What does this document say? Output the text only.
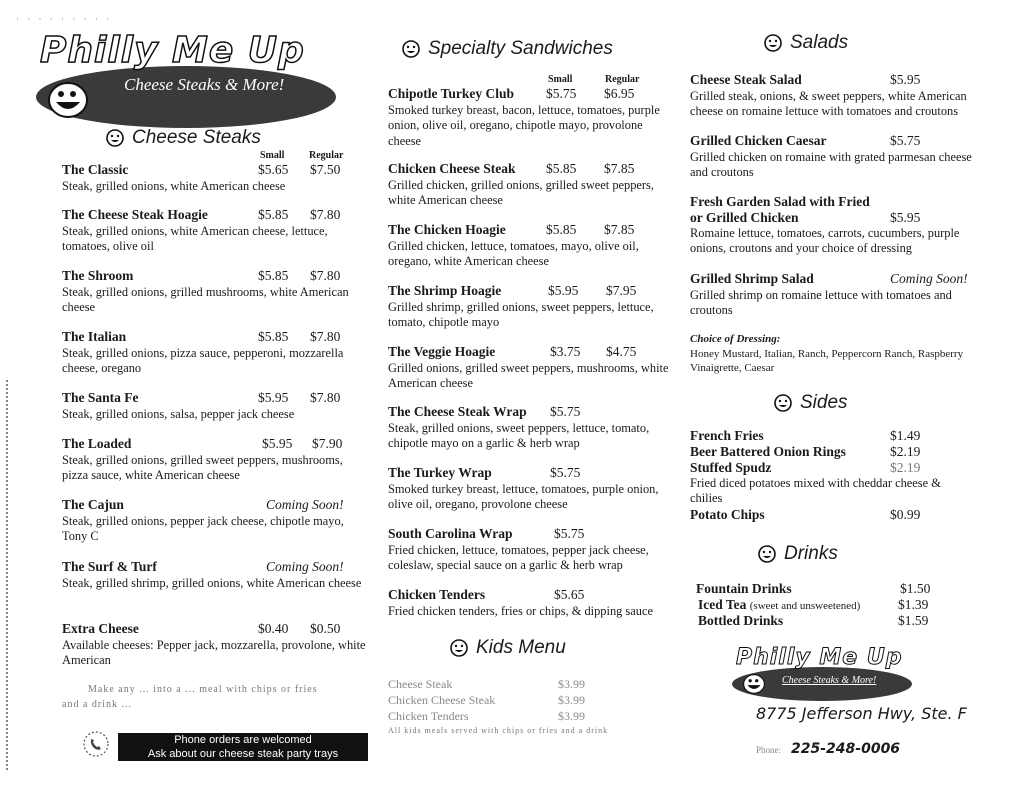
· · · · · · · · ·
Philly Me Up
Cheese Steaks & More!
Cheese Steaks
Small Regular
The Classic	$5.65 $7.50
Steak, grilled onions, white American cheese
The Cheese Steak Hoagie	$5.85 $7.80
Steak, grilled onions, white American cheese, lettuce, tomatoes, olive oil
The Shroom	$5.85 $7.80
Steak, grilled onions, grilled mushrooms, white American cheese
The Italian	$5.85 $7.80
Steak, grilled onions, pizza sauce, pepperoni, mozzarella cheese, oregano
The Santa Fe	$5.95 $7.80
Steak, grilled onions, salsa, pepper jack cheese
The Loaded	$5.95 $7.90
Steak, grilled onions, grilled sweet peppers, mushrooms, pizza sauce, white American cheese
The Cajun	Coming Soon!
Steak, grilled onions, pepper jack cheese, chipotle mayo, Tony C
The Surf & Turf	Coming Soon!
Steak, grilled shrimp, grilled onions, white American cheese
Extra Cheese	$0.40 $0.50
Available cheeses: Pepper jack, mozzarella, provolone, white American
Make any ... into a ... meal with chips or fries
and a drink ...
Phone orders are welcomed
Ask about our cheese steak party trays
Specialty Sandwiches
Small	Regular
Chipotle Turkey Club $5.75 $6.95
Smoked turkey breast, bacon, lettuce, tomatoes, purple onion, olive oil, oregano, chipotle mayo, provolone cheese
Chicken Cheese Steak $5.85 $7.85
Grilled chicken, grilled onions, grilled sweet peppers, white American cheese
The Chicken Hoagie	$5.85 $7.85
Grilled chicken, lettuce, tomatoes, mayo, olive oil, oregano, white American cheese
The Shrimp Hoagie	$5.95 $7.95
Grilled shrimp, grilled onions, sweet peppers, lettuce, tomato, chipotle mayo
The Veggie Hoagie	$3.75 $4.75
Grilled onions, grilled sweet peppers, mushrooms, white American cheese
The Cheese Steak Wrap $5.75
Steak, grilled onions, sweet peppers, lettuce, tomato, chipotle mayo on a garlic & herb wrap
The Turkey Wrap	$5.75
Smoked turkey breast, lettuce, tomatoes, purple onion, olive oil, oregano, provolone cheese
South Carolina Wrap	$5.75
Fried chicken, lettuce, tomatoes, pepper jack cheese, coleslaw, special sauce on a garlic & herb wrap
Chicken Tenders	$5.65
Fried chicken tenders, fries or chips, & dipping sauce
Kids Menu
Cheese Steak	$3.99
Chicken Cheese Steak	$3.99
Chicken Tenders	$3.99
All kids meals served with chips or fries and a drink
Salads
Cheese Steak Salad	$5.95
Grilled steak, onions, & sweet peppers, white American cheese on romaine lettuce with tomatoes and croutons
Grilled Chicken Caesar	$5.75
Grilled chicken on romaine with grated parmesan cheese and croutons
Fresh Garden Salad with Fried or Grilled Chicken	$5.95
Romaine lettuce, tomatoes, carrots, cucumbers, purple onions, croutons and your choice of dressing
Grilled Shrimp Salad	Coming Soon!
Grilled shrimp on romaine lettuce with tomatoes and croutons
Choice of Dressing:
Honey Mustard, Italian, Ranch, Peppercorn Ranch, Raspberry Vinaigrette, Caesar
Sides
French Fries	$1.49
Beer Battered Onion Rings	$2.19
Stuffed Spudz	$2.19
Fried diced potatoes mixed with cheddar cheese & chilies
Potato Chips	$0.99
Drinks
Fountain Drinks	$1.50
Iced Tea (sweet and unsweetened)	$1.39
Bottled Drinks	$1.59
Philly Me Up
Cheese Steaks & More!
8775 Jefferson Hwy, Ste. F
Phone: 225-248-0006
